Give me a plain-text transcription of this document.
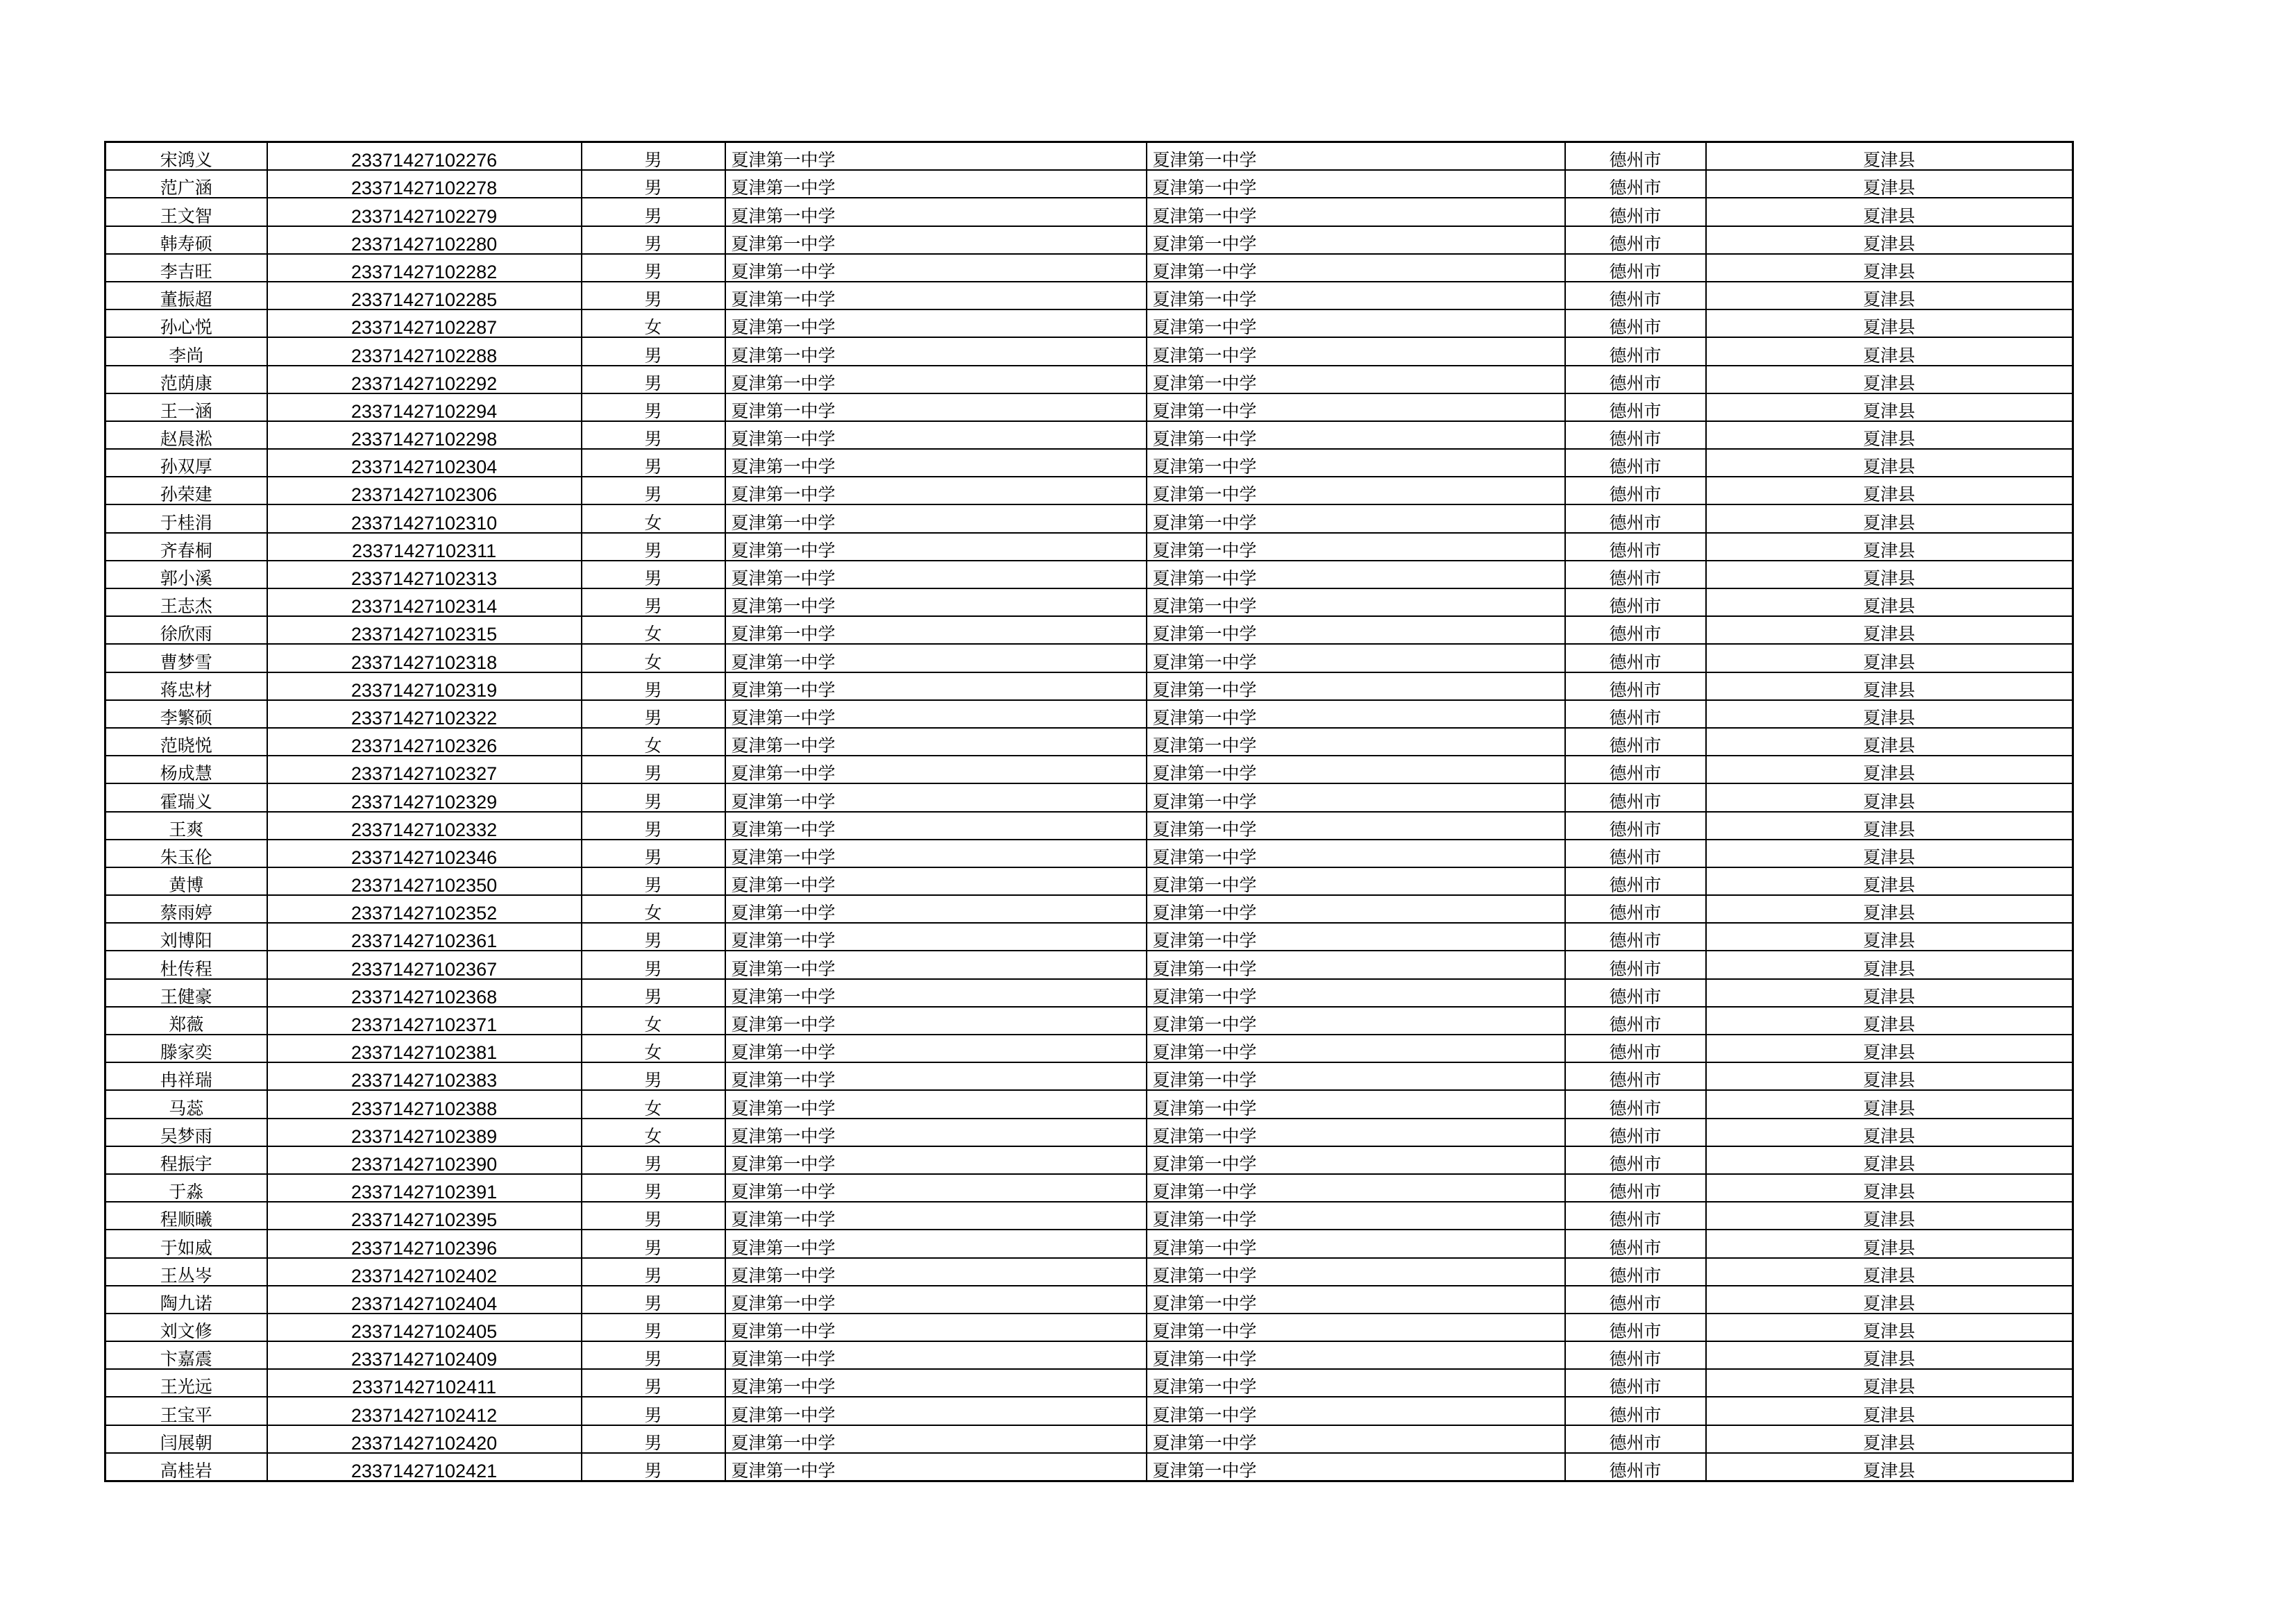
宋鸿义	23371427102276	男	夏津第一中学	夏津第一中学	德州市	夏津县
范广涵	23371427102278	男	夏津第一中学	夏津第一中学	德州市	夏津县
王文智	23371427102279	男	夏津第一中学	夏津第一中学	德州市	夏津县
韩寿硕	23371427102280	男	夏津第一中学	夏津第一中学	德州市	夏津县
李吉旺	23371427102282	男	夏津第一中学	夏津第一中学	德州市	夏津县
董振超	23371427102285	男	夏津第一中学	夏津第一中学	德州市	夏津县
孙心悦	23371427102287	女	夏津第一中学	夏津第一中学	德州市	夏津县
李尚	23371427102288	男	夏津第一中学	夏津第一中学	德州市	夏津县
范荫康	23371427102292	男	夏津第一中学	夏津第一中学	德州市	夏津县
王一涵	23371427102294	男	夏津第一中学	夏津第一中学	德州市	夏津县
赵晨淞	23371427102298	男	夏津第一中学	夏津第一中学	德州市	夏津县
孙双厚	23371427102304	男	夏津第一中学	夏津第一中学	德州市	夏津县
孙荣建	23371427102306	男	夏津第一中学	夏津第一中学	德州市	夏津县
于桂涓	23371427102310	女	夏津第一中学	夏津第一中学	德州市	夏津县
齐春桐	23371427102311	男	夏津第一中学	夏津第一中学	德州市	夏津县
郭小溪	23371427102313	男	夏津第一中学	夏津第一中学	德州市	夏津县
王志杰	23371427102314	男	夏津第一中学	夏津第一中学	德州市	夏津县
徐欣雨	23371427102315	女	夏津第一中学	夏津第一中学	德州市	夏津县
曹梦雪	23371427102318	女	夏津第一中学	夏津第一中学	德州市	夏津县
蒋忠材	23371427102319	男	夏津第一中学	夏津第一中学	德州市	夏津县
李繁硕	23371427102322	男	夏津第一中学	夏津第一中学	德州市	夏津县
范晓悦	23371427102326	女	夏津第一中学	夏津第一中学	德州市	夏津县
杨成慧	23371427102327	男	夏津第一中学	夏津第一中学	德州市	夏津县
霍瑞义	23371427102329	男	夏津第一中学	夏津第一中学	德州市	夏津县
王爽	23371427102332	男	夏津第一中学	夏津第一中学	德州市	夏津县
朱玉伦	23371427102346	男	夏津第一中学	夏津第一中学	德州市	夏津县
黄博	23371427102350	男	夏津第一中学	夏津第一中学	德州市	夏津县
蔡雨婷	23371427102352	女	夏津第一中学	夏津第一中学	德州市	夏津县
刘博阳	23371427102361	男	夏津第一中学	夏津第一中学	德州市	夏津县
杜传程	23371427102367	男	夏津第一中学	夏津第一中学	德州市	夏津县
王健豪	23371427102368	男	夏津第一中学	夏津第一中学	德州市	夏津县
郑薇	23371427102371	女	夏津第一中学	夏津第一中学	德州市	夏津县
滕家奕	23371427102381	女	夏津第一中学	夏津第一中学	德州市	夏津县
冉祥瑞	23371427102383	男	夏津第一中学	夏津第一中学	德州市	夏津县
马蕊	23371427102388	女	夏津第一中学	夏津第一中学	德州市	夏津县
吴梦雨	23371427102389	女	夏津第一中学	夏津第一中学	德州市	夏津县
程振宇	23371427102390	男	夏津第一中学	夏津第一中学	德州市	夏津县
于淼	23371427102391	男	夏津第一中学	夏津第一中学	德州市	夏津县
程顺曦	23371427102395	男	夏津第一中学	夏津第一中学	德州市	夏津县
于如威	23371427102396	男	夏津第一中学	夏津第一中学	德州市	夏津县
王丛岑	23371427102402	男	夏津第一中学	夏津第一中学	德州市	夏津县
陶九诺	23371427102404	男	夏津第一中学	夏津第一中学	德州市	夏津县
刘文修	23371427102405	男	夏津第一中学	夏津第一中学	德州市	夏津县
卞嘉震	23371427102409	男	夏津第一中学	夏津第一中学	德州市	夏津县
王光远	23371427102411	男	夏津第一中学	夏津第一中学	德州市	夏津县
王宝平	23371427102412	男	夏津第一中学	夏津第一中学	德州市	夏津县
闫展朝	23371427102420	男	夏津第一中学	夏津第一中学	德州市	夏津县
高桂岩	23371427102421	男	夏津第一中学	夏津第一中学	德州市	夏津县
